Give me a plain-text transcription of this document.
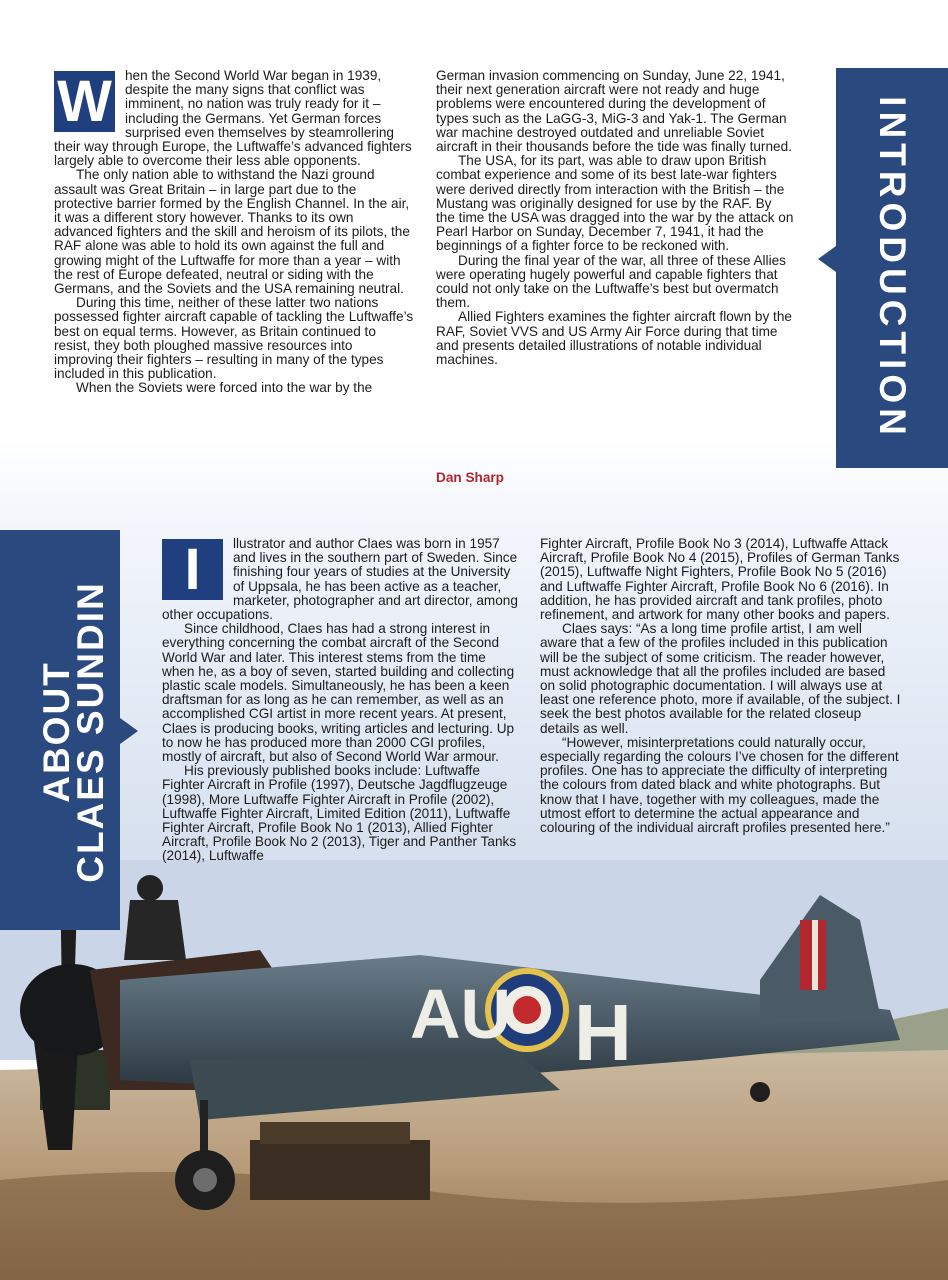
AU H
INTRODUCTION
W hen the Second World War began in 1939, despite the many signs that conflict was imminent, no nation was truly ready for it – including the Germans. Yet German forces surprised even themselves by steamrollering their way through Europe, the Luftwaffe’s advanced fighters largely able to overcome their less able opponents.

The only nation able to withstand the Nazi ground assault was Great Britain – in large part due to the protective barrier formed by the English Channel. In the air, it was a different story however. Thanks to its own advanced fighters and the skill and heroism of its pilots, the RAF alone was able to hold its own against the full and growing might of the Luftwaffe for more than a year – with the rest of Europe defeated, neutral or siding with the Germans, and the Soviets and the USA remaining neutral.

During this time, neither of these latter two nations possessed fighter aircraft capable of tackling the Luftwaffe’s best on equal terms. However, as Britain continued to resist, they both ploughed massive resources into improving their fighters – resulting in many of the types included in this publication.

When the Soviets were forced into the war by the

German invasion commencing on Sunday, June 22, 1941, their next generation aircraft were not ready and huge problems were encountered during the development of types such as the LaGG-3, MiG-3 and Yak-1. The German war machine destroyed outdated and unreliable Soviet aircraft in their thousands before the tide was finally turned.

The USA, for its part, was able to draw upon British combat experience and some of its best late-war fighters were derived directly from interaction with the British – the Mustang was originally designed for use by the RAF. By the time the USA was dragged into the war by the attack on Pearl Harbor on Sunday, December 7, 1941, it had the beginnings of a fighter force to be reckoned with.

During the final year of the war, all three of these Allies were operating hugely powerful and capable fighters that could not only take on the Luftwaffe’s best but overmatch them.

Allied Fighters examines the fighter aircraft flown by the RAF, Soviet VVS and US Army Air Force during that time and presents detailed illustrations of notable individual machines.

Dan Sharp
ABOUT
CLAES SUNDIN
I	llustrator and author Claes was born in 1957 and lives in the southern part of Sweden. Since finishing four years of studies at the University of Uppsala, he has been active as a teacher, marketer, photographer and art director, among other occupations.

Since childhood, Claes has had a strong interest in everything concerning the combat aircraft of the Second World War and later. This interest stems from the time when he, as a boy of seven, started building and collecting plastic scale models. Simultaneously, he has been a keen draftsman for as long as he can remember, as well as an accomplished CGI artist in more recent years. At present, Claes is producing books, writing articles and lecturing. Up to now he has produced more than 2000 CGI profiles, mostly of aircraft, but also of Second World War armour.

His previously published books include: Luftwaffe Fighter Aircraft in Profile (1997), Deutsche Jagdflugzeuge (1998), More Luftwaffe Fighter Aircraft in Profile (2002), Luftwaffe Fighter Aircraft, Limited Edition (2011), Luftwaffe Fighter Aircraft, Profile Book No 1 (2013), Allied Fighter Aircraft, Profile Book No 2 (2013), Tiger and Panther Tanks (2014), Luftwaffe

Fighter Aircraft, Profile Book No 3 (2014), Luftwaffe Attack Aircraft, Profile Book No 4 (2015), Profiles of German Tanks (2015), Luftwaffe Night Fighters, Profile Book No 5 (2016) and Luftwaffe Fighter Aircraft, Profile Book No 6 (2016). In addition, he has provided aircraft and tank profiles, photo refinement, and artwork for many other books and papers.

Claes says: “As a long time profile artist, I am well aware that a few of the profiles included in this publication will be the subject of some criticism. The reader however, must acknowledge that all the profiles included are based on solid photographic documentation. I will always use at least one reference photo, more if available, of the subject. I seek the best photos available for the related closeup details as well.

“However, misinterpretations could naturally occur, especially regarding the colours I’ve chosen for the different profiles. One has to appreciate the difficulty of interpreting the colours from dated black and white photographs. But know that I have, together with my colleagues, made the utmost effort to determine the actual appearance and colouring of the individual aircraft profiles presented here.”
